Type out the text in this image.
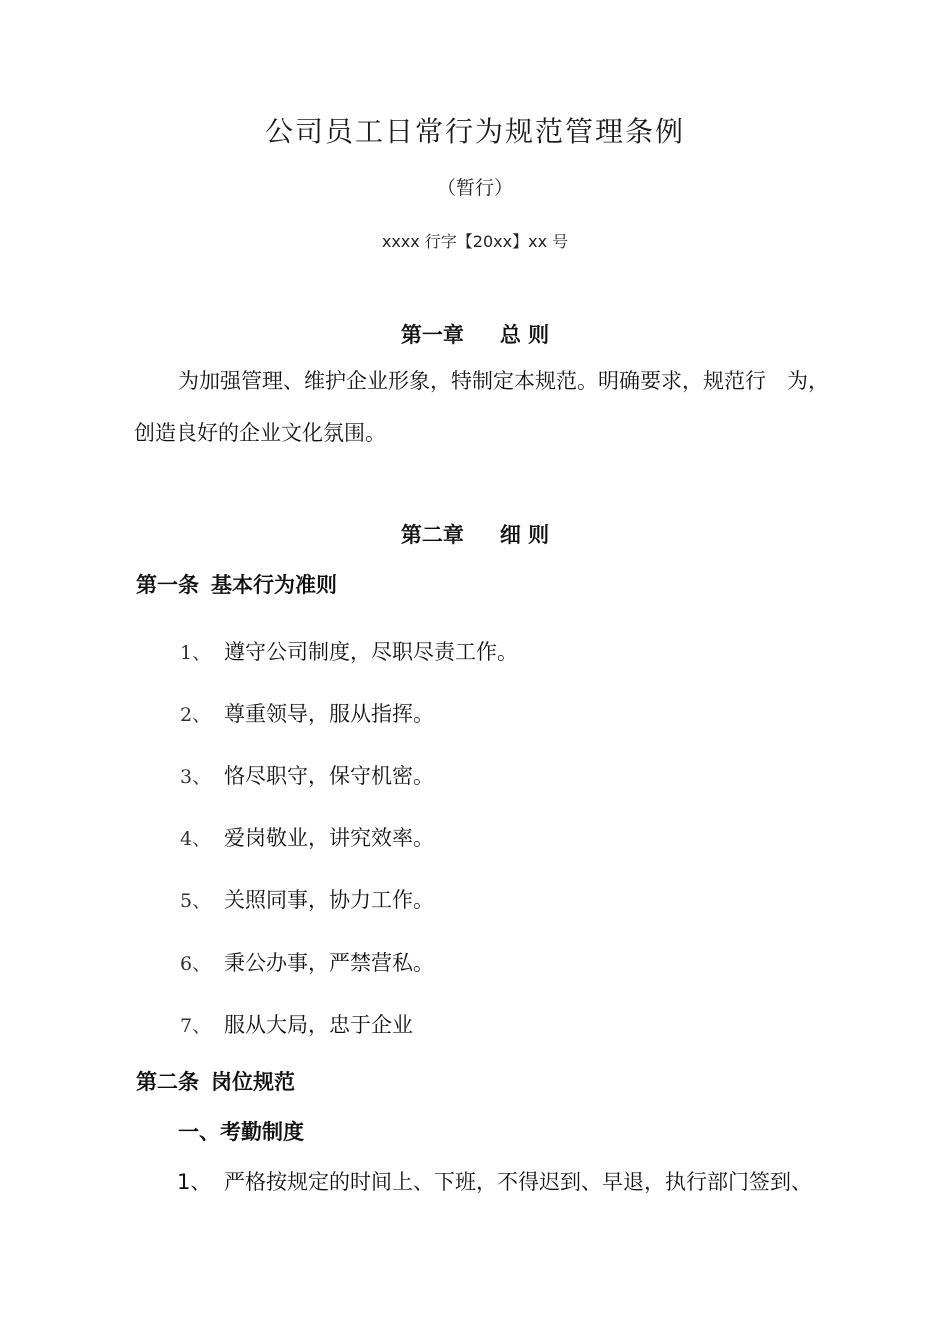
公司员工日常行为规范管理条例
（暂行）
xxxx 行字【20xx】xx 号
第一章 总 则
为加强管理、维护企业形象，特制定本规范。明确要求，规范行　为，
创造良好的企业文化氛围。
第二章 细 则
第一条 基本行为准则
1、 遵守公司制度，尽职尽责工作。
2、 尊重领导，服从指挥。
3、 恪尽职守，保守机密。
4、 爱岗敬业，讲究效率。
5、 关照同事，协力工作。
6、 秉公办事，严禁营私。
7、 服从大局，忠于企业
第二条 岗位规范
一、考勤制度
1、 严格按规定的时间上、下班，不得迟到、早退，执行部门签到、
